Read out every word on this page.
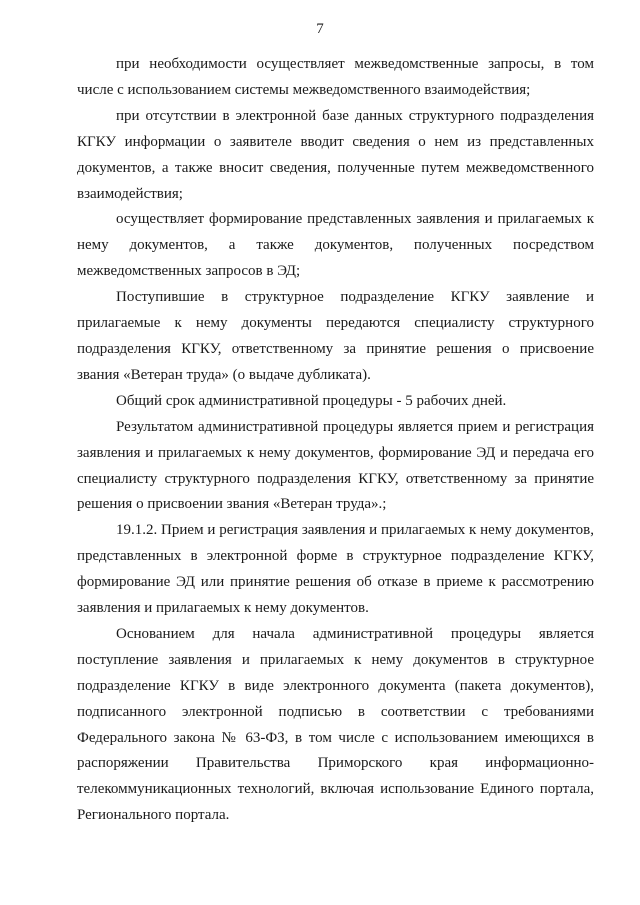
7

при необходимости осуществляет межведомственные запросы, в том числе с использованием системы межведомственного взаимодействия;

при отсутствии в электронной базе данных структурного подразделения КГКУ информации о заявителе вводит сведения о нем из представленных документов, а также вносит сведения, полученные путем межведомственного взаимодействия;

осуществляет формирование представленных заявления и прилагаемых к нему документов, а также документов, полученных посредством межведомственных запросов в ЭД;

Поступившие в структурное подразделение КГКУ заявление и прилагаемые к нему документы передаются специалисту структурного подразделения КГКУ, ответственному за принятие решения о присвоение звания «Ветеран труда» (о выдаче дубликата).

Общий срок административной процедуры - 5 рабочих дней.

Результатом административной процедуры является прием и регистрация заявления и прилагаемых к нему документов, формирование ЭД и передача его специалисту структурного подразделения КГКУ, ответственному за принятие решения о присвоении звания «Ветеран труда».;

19.1.2. Прием и регистрация заявления и прилагаемых к нему документов, представленных в электронной форме в структурное подразделение КГКУ, формирование ЭД или принятие решения об отказе в приеме к рассмотрению заявления и прилагаемых к нему документов.

Основанием для начала административной процедуры является поступление заявления и прилагаемых к нему документов в структурное подразделение КГКУ в виде электронного документа (пакета документов), подписанного электронной подписью в соответствии с требованиями Федерального закона № 63-ФЗ, в том числе с использованием имеющихся в распоряжении Правительства Приморского края информационно-телекоммуникационных технологий, включая использование Единого портала, Регионального портала.
